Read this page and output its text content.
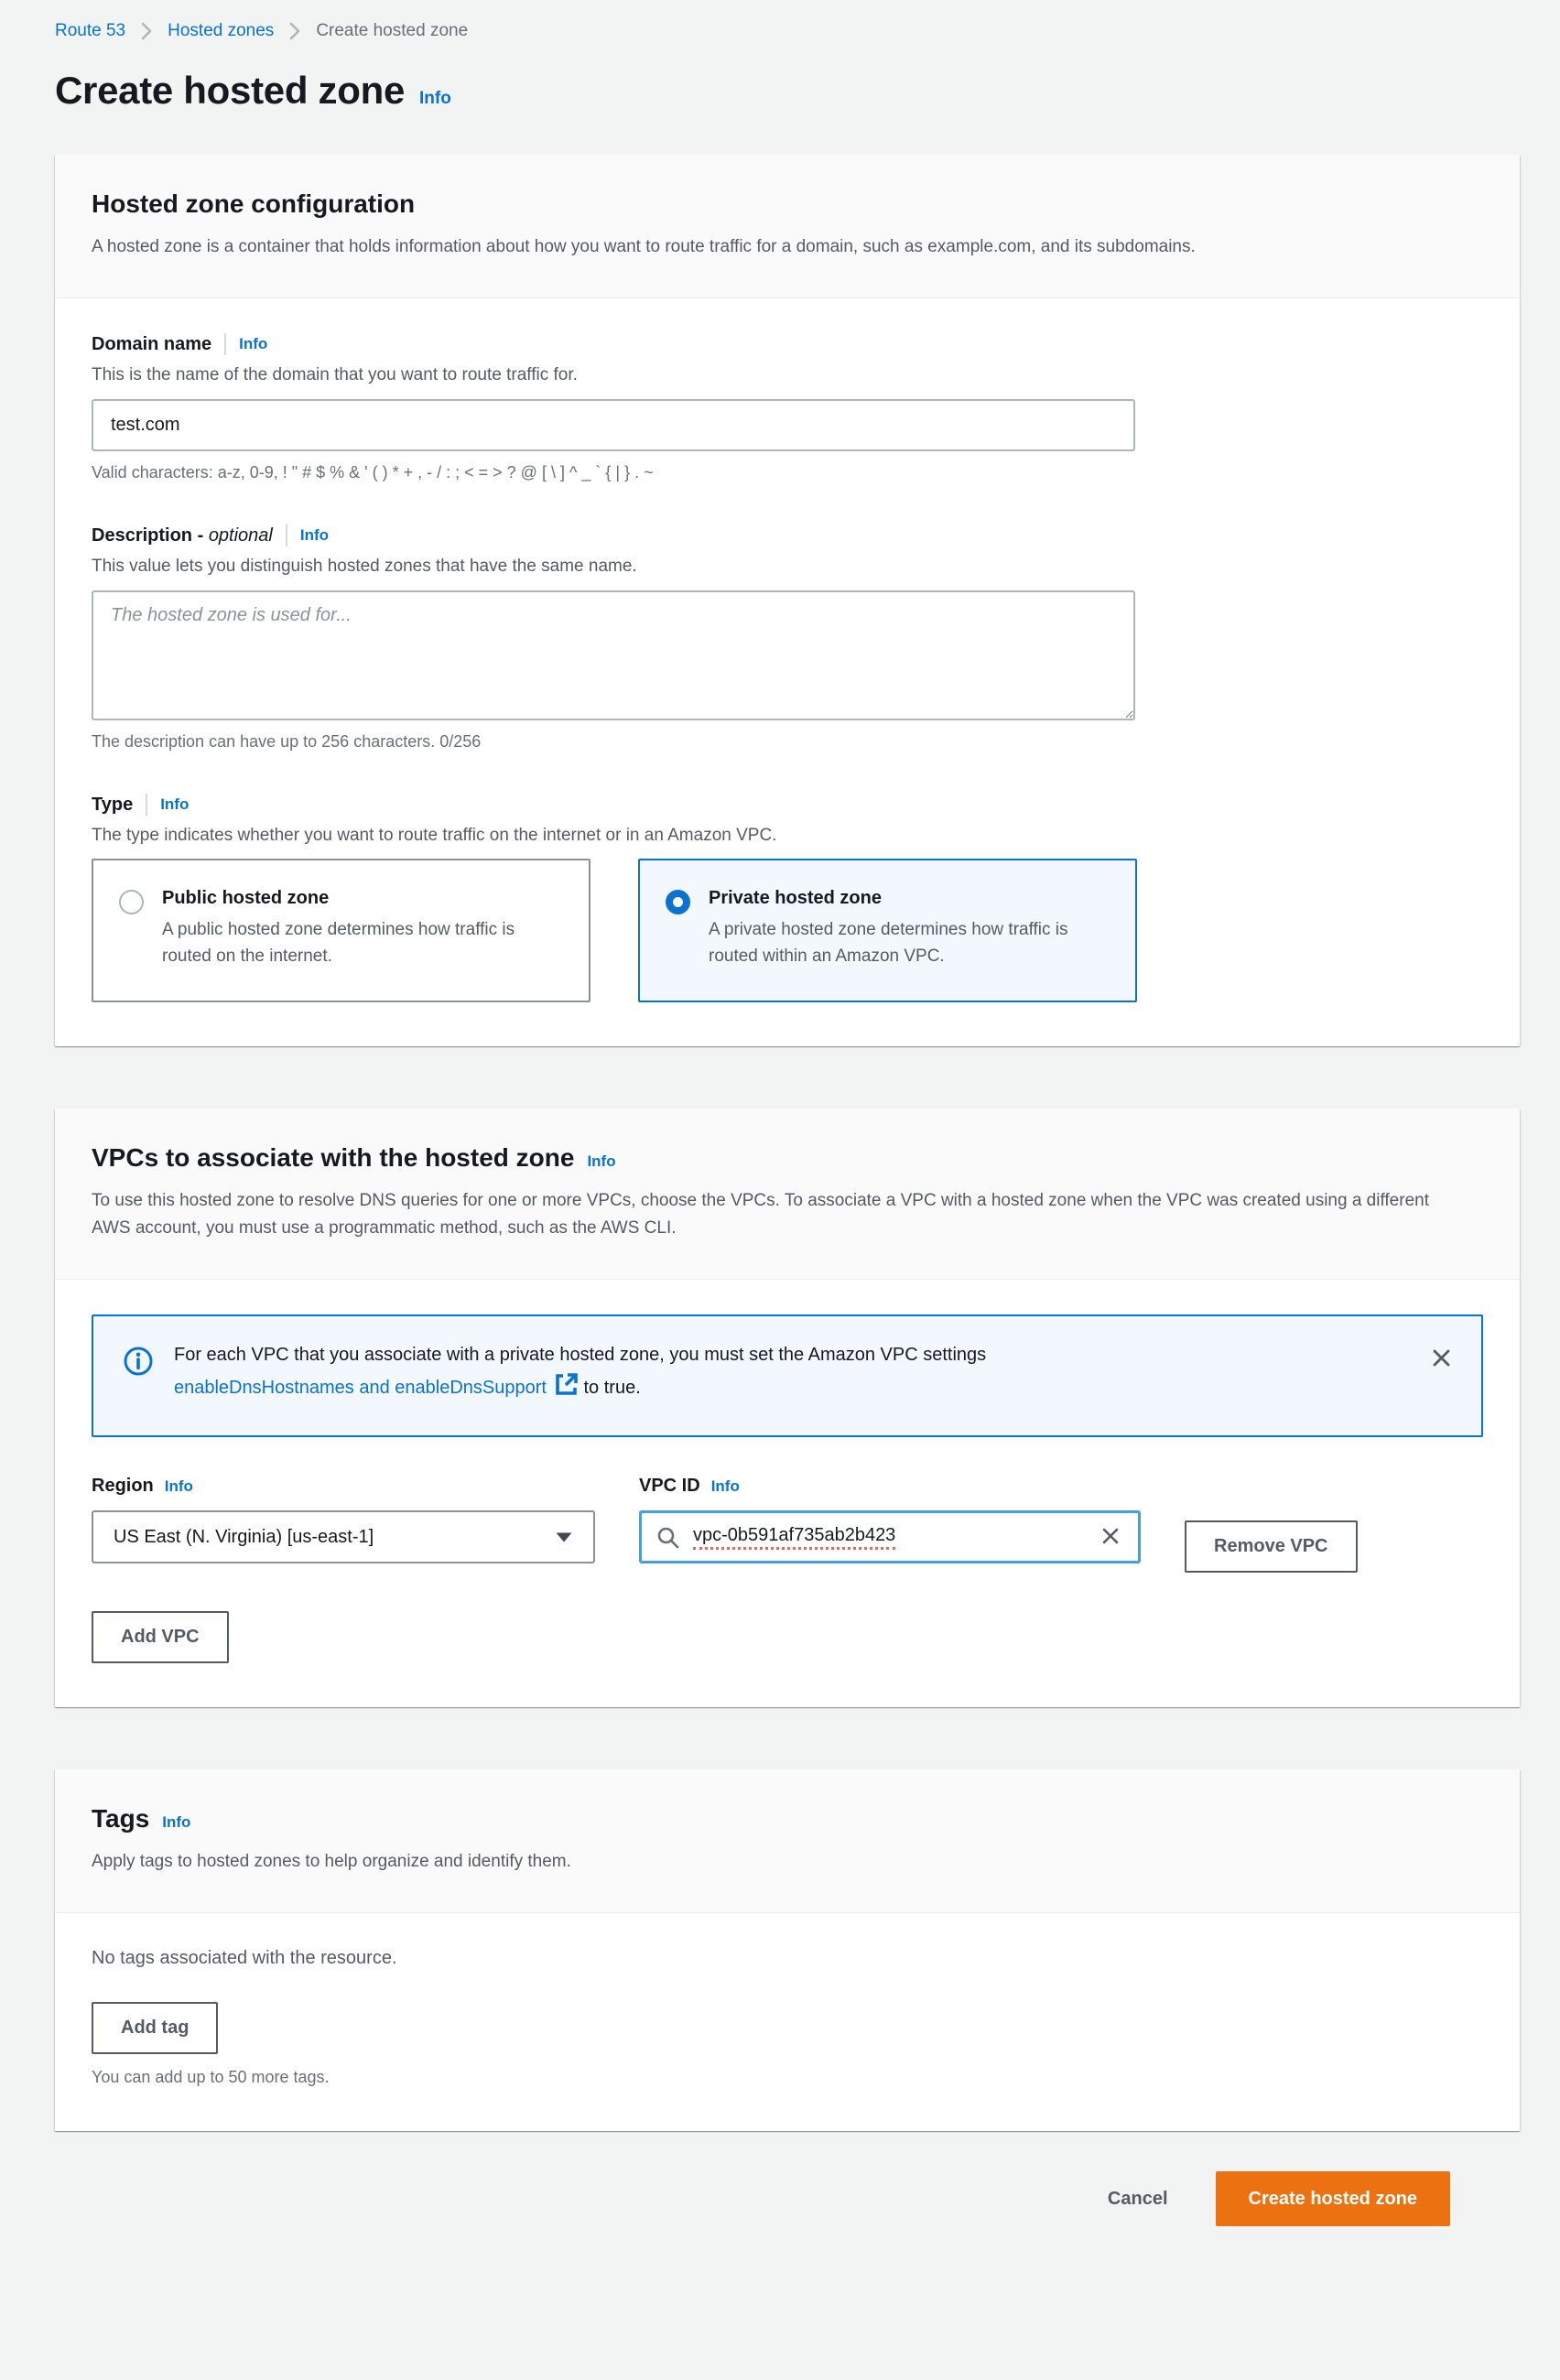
Route 53 Hosted zones Create hosted zone
Create hosted zone Info
Hosted zone configuration
A hosted zone is a container that holds information about how you want to route traffic for a domain, such as example.com, and its subdomains.
Domain name Info
This is the name of the domain that you want to route traffic for.
test.com
Valid characters: a-z, 0-9, ! " # $ % & ' ( ) * + , - / : ; < = > ? @ [ \ ] ^ _ ` { | } . ~
Description - optional Info
This value lets you distinguish hosted zones that have the same name.
The hosted zone is used for...
The description can have up to 256 characters. 0/256
Type Info
The type indicates whether you want to route traffic on the internet or in an Amazon VPC.
Public hosted zone
A public hosted zone determines how traffic is routed on the internet.
Private hosted zone
A private hosted zone determines how traffic is routed within an Amazon VPC.
VPCs to associate with the hosted zone Info
To use this hosted zone to resolve DNS queries for one or more VPCs, choose the VPCs. To associate a VPC with a hosted zone when the VPC was created using a different AWS account, you must use a programmatic method, such as the AWS CLI.
For each VPC that you associate with a private hosted zone, you must set the Amazon VPC settings
enableDnsHostnames and enableDnsSupport to true.
Region Info
US East (N. Virginia) [us-east-1]
VPC ID Info
vpc-0b591af735ab2b423
Remove VPC
Add VPC
Tags Info
Apply tags to hosted zones to help organize and identify them.
No tags associated with the resource.
Add tag
You can add up to 50 more tags.
Cancel	Create hosted zone
